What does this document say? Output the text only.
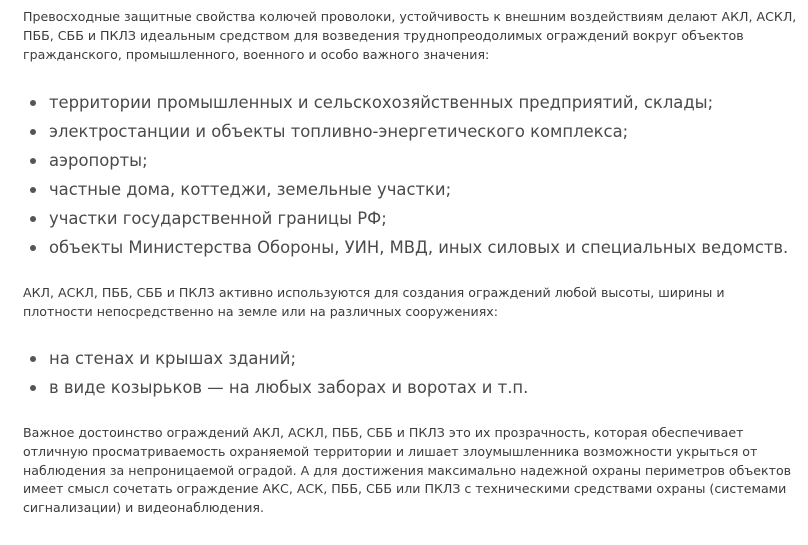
Превосходные защитные свойства колючей проволоки, устойчивость к внешним воздействиям делают АКЛ, АСКЛ, ПББ, СББ и ПКЛЗ идеальным средством для возведения труднопреодолимых ограждений вокруг объектов гражданского, промышленного, военного и особо важного значения:

территории промышленных и сельскохозяйственных предприятий, склады;
электростанции и объекты топливно-энергетического комплекса;
аэропорты;
частные дома, коттеджи, земельные участки;
участки государственной границы РФ;
объекты Министерства Обороны, УИН, МВД, иных силовых и специальных ведомств.

АКЛ, АСКЛ, ПББ, СББ и ПКЛЗ активно используются для создания ограждений любой высоты, ширины и плотности непосредственно на земле или на различных сооружениях:

на стенах и крышах зданий;
в виде козырьков — на любых заборах и воротах и т.п.

Важное достоинство ограждений АКЛ, АСКЛ, ПББ, СББ и ПКЛЗ это их прозрачность, которая обеспечивает отличную просматриваемость охраняемой территории и лишает злоумышленника возможности укрыться от наблюдения за непроницаемой оградой. А для достижения максимально надежной охраны периметров объектов имеет смысл сочетать ограждение АКС, АСК, ПББ, СББ или ПКЛЗ с техническими средствами охраны (системами сигнализации) и видеонаблюдения.
